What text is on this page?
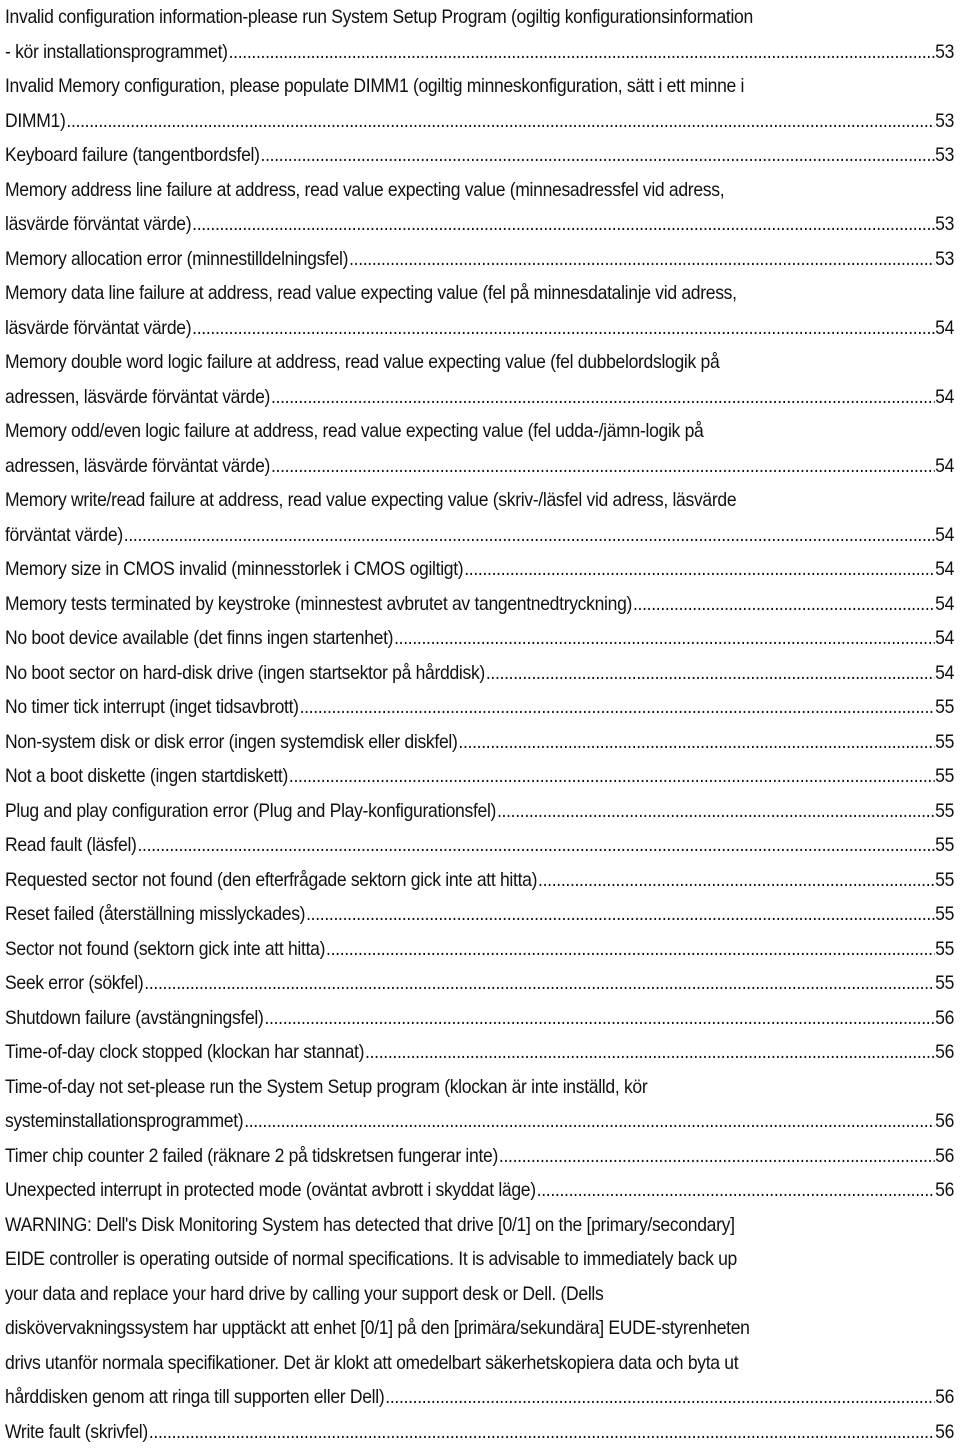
Invalid configuration information-please run System Setup Program (ogiltig konfigurationsinformation
- kör installationsprogrammet) .....	53
Invalid Memory configuration, please populate DIMM1 (ogiltig minneskonfiguration, sätt i ett minne i
DIMM1) .....	53
Keyboard failure (tangentbordsfel) .....	53
Memory address line failure at address, read value expecting value (minnesadressfel vid adress,
läsvärde förväntat värde) .....	53
Memory allocation error (minnestilldelningsfel) .....	53
Memory data line failure at address, read value expecting value (fel på minnesdatalinje vid adress,
läsvärde förväntat värde) .....	54
Memory double word logic failure at address, read value expecting value (fel dubbelordslogik på
adressen, läsvärde förväntat värde) .....	54
Memory odd/even logic failure at address, read value expecting value (fel udda-/jämn-logik på
adressen, läsvärde förväntat värde) .....	54
Memory write/read failure at address, read value expecting value (skriv-/läsfel vid adress, läsvärde
förväntat värde) .....	54
Memory size in CMOS invalid (minnesstorlek i CMOS ogiltigt) .....	54
Memory tests terminated by keystroke (minnestest avbrutet av tangentnedtryckning) .....	54
No boot device available (det finns ingen startenhet) .....	54
No boot sector on hard-disk drive (ingen startsektor på hårddisk) .....	54
No timer tick interrupt (inget tidsavbrott) .....	55
Non-system disk or disk error (ingen systemdisk eller diskfel) .....	55
Not a boot diskette (ingen startdiskett) .....	55
Plug and play configuration error (Plug and Play-konfigurationsfel) .....	55
Read fault (läsfel) .....	55
Requested sector not found (den efterfrågade sektorn gick inte att hitta) .....	55
Reset failed (återställning misslyckades) .....	55
Sector not found (sektorn gick inte att hitta) .....	55
Seek error (sökfel) .....	55
Shutdown failure (avstängningsfel) .....	56
Time-of-day clock stopped (klockan har stannat) .....	56
Time-of-day not set-please run the System Setup program (klockan är inte inställd, kör
systeminstallationsprogrammet) .....	56
Timer chip counter 2 failed (räknare 2 på tidskretsen fungerar inte) .....	56
Unexpected interrupt in protected mode (oväntat avbrott i skyddat läge) .....	56
WARNING: Dell's Disk Monitoring System has detected that drive [0/1] on the [primary/secondary]
EIDE controller is operating outside of normal specifications. It is advisable to immediately back up
your data and replace your hard drive by calling your support desk or Dell. (Dells
diskövervakningssystem har upptäckt att enhet [0/1] på den [primära/sekundära] EUDE-styrenheten
drivs utanför normala specifikationer. Det är klokt att omedelbart säkerhetskopiera data och byta ut
hårddisken genom att ringa till supporten eller Dell) .....	56
Write fault (skrivfel) .....	56
